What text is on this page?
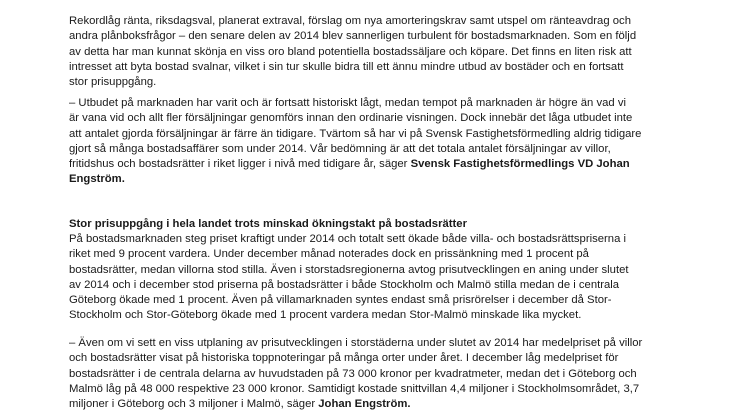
Rekordlåg ränta, riksdagsval, planerat extraval, förslag om nya amorteringskrav samt utspel om ränteavdrag och
andra plånboksfrågor – den senare delen av 2014 blev sannerligen turbulent för bostadsmarknaden. Som en följd
av detta har man kunnat skönja en viss oro bland potentiella bostadssäljare och köpare. Det finns en liten risk att
intresset att byta bostad svalnar, vilket i sin tur skulle bidra till ett ännu mindre utbud av bostäder och en fortsatt
stor prisuppgång.

– Utbudet på marknaden har varit och är fortsatt historiskt lågt, medan tempot på marknaden är högre än vad vi
är vana vid och allt fler försäljningar genomförs innan den ordinarie visningen. Dock innebär det låga utbudet inte
att antalet gjorda försäljningar är färre än tidigare. Tvärtom så har vi på Svensk Fastighetsförmedling aldrig tidigare
gjort så många bostadsaffärer som under 2014. Vår bedömning är att det totala antalet försäljningar av villor,
fritidshus och bostadsrätter i riket ligger i nivå med tidigare år, säger Svensk Fastighetsförmedlings VD Johan
Engström.

Stor prisuppgång i hela landet trots minskad ökningstakt på bostadsrätter

På bostadsmarknaden steg priset kraftigt under 2014 och totalt sett ökade både villa- och bostadsrättspriserna i
riket med 9 procent vardera. Under december månad noterades dock en prissänkning med 1 procent på
bostadsrätter, medan villorna stod stilla. Även i storstadsregionerna avtog prisutvecklingen en aning under slutet
av 2014 och i december stod priserna på bostadsrätter i både Stockholm och Malmö stilla medan de i centrala
Göteborg ökade med 1 procent. Även på villamarknaden syntes endast små prisrörelser i december då Stor-
Stockholm och Stor-Göteborg ökade med 1 procent vardera medan Stor-Malmö minskade lika mycket.

– Även om vi sett en viss utplaning av prisutvecklingen i storstäderna under slutet av 2014 har medelpriset på villor
och bostadsrätter visat på historiska toppnoteringar på många orter under året. I december låg medelpriset för
bostadsrätter i de centrala delarna av huvudstaden på 73 000 kronor per kvadratmeter, medan det i Göteborg och
Malmö låg på 48 000 respektive 23 000 kronor. Samtidigt kostade snittvillan 4,4 miljoner i Stockholmsområdet, 3,7
miljoner i Göteborg och 3 miljoner i Malmö, säger Johan Engström.
